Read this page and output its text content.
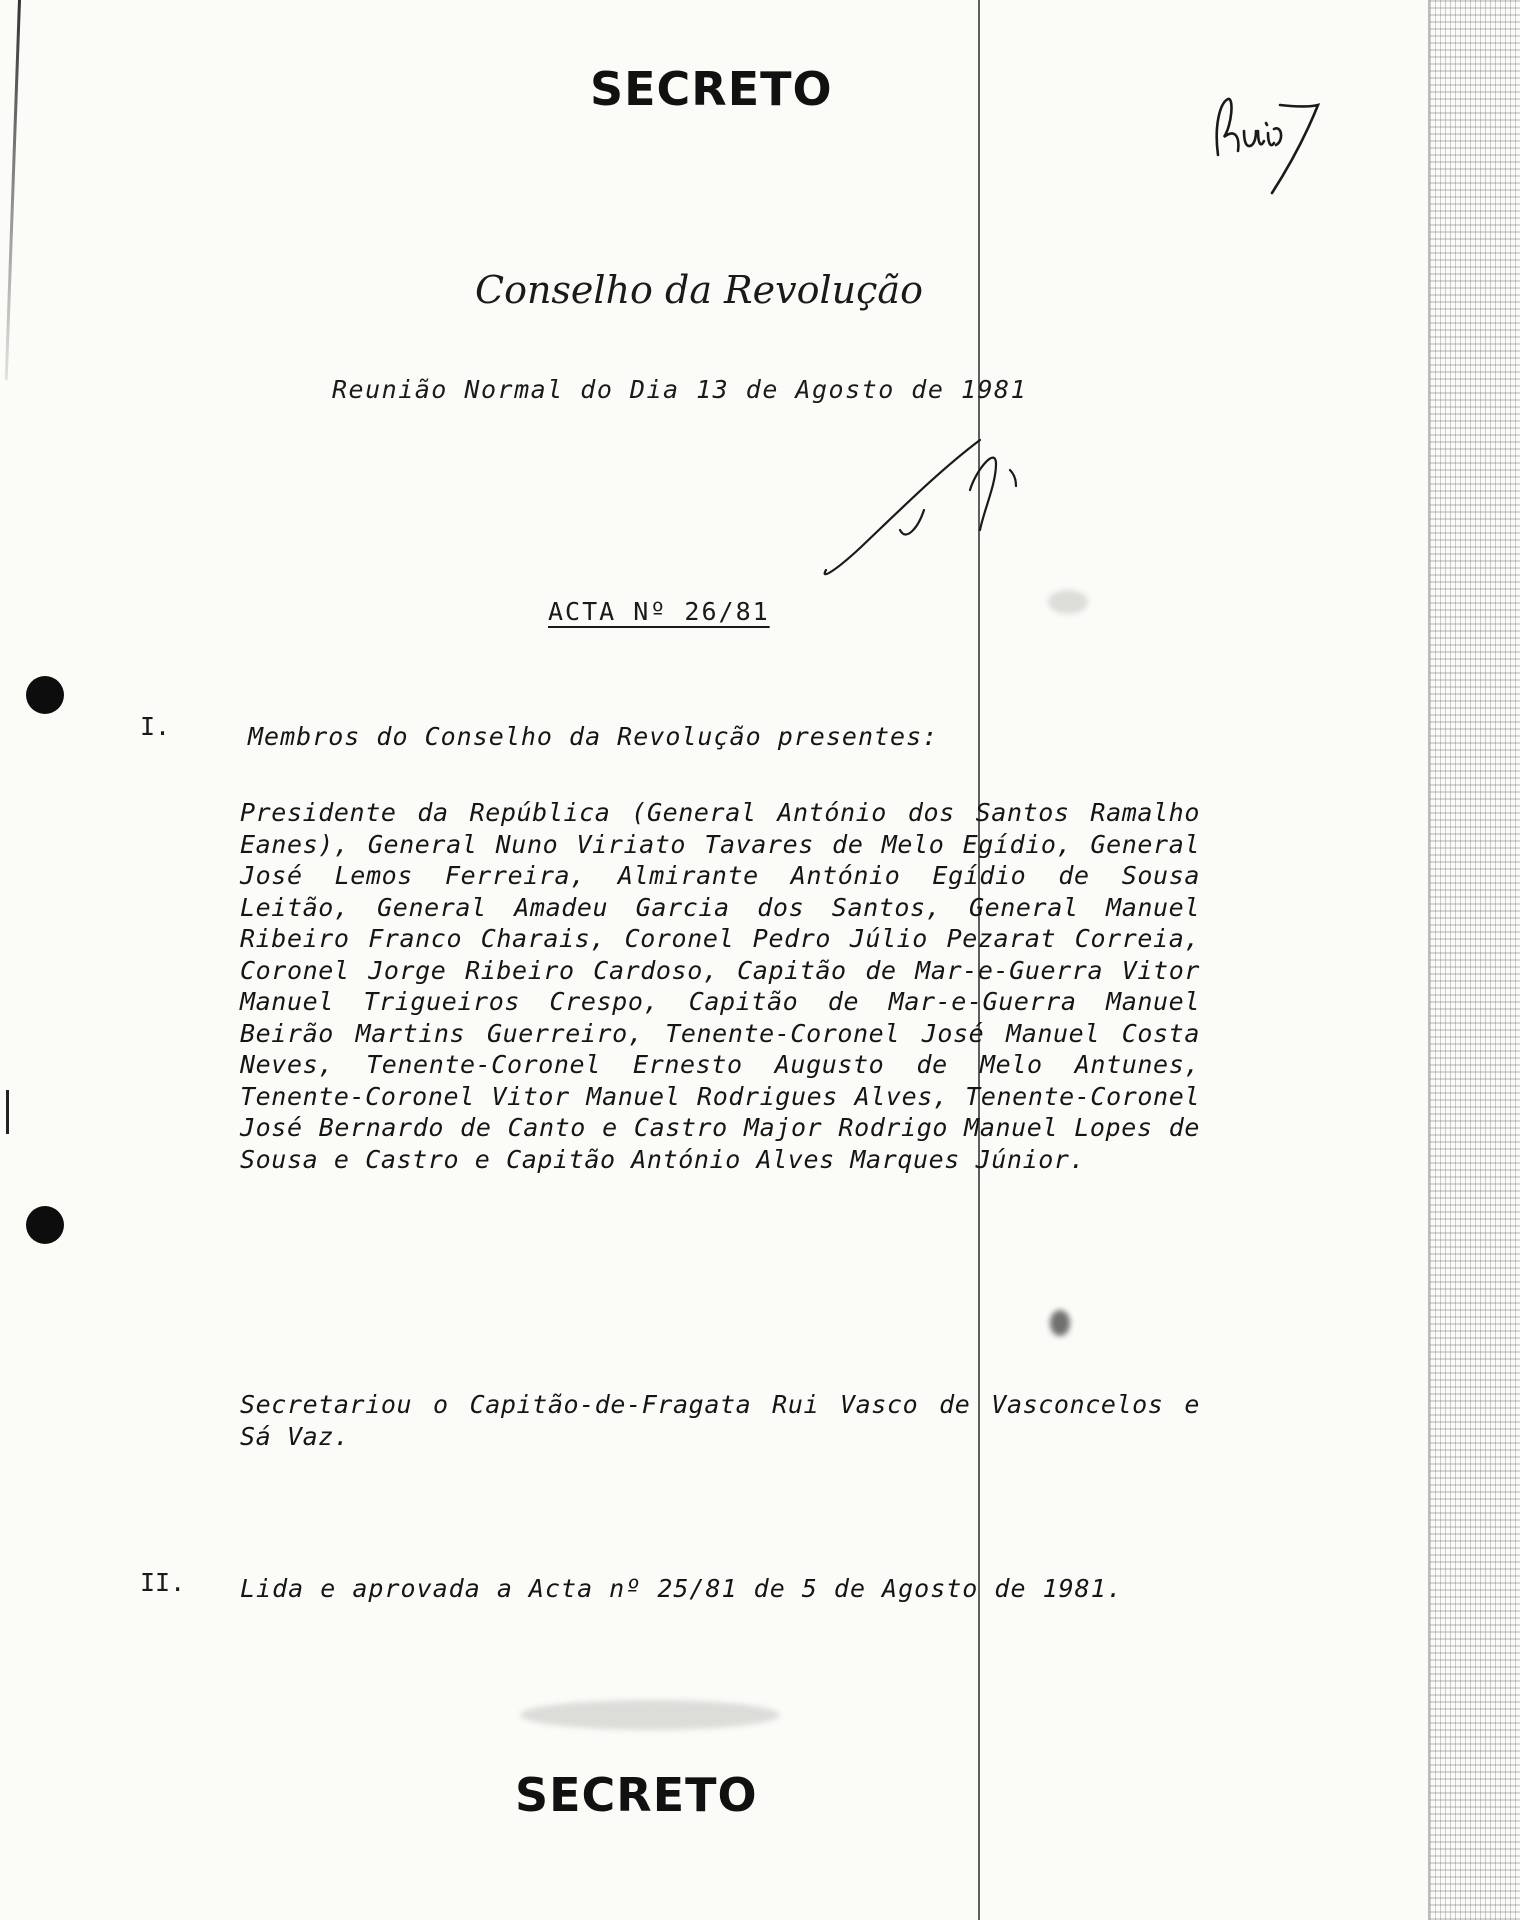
SECRETO
Conselho da Revolução
Reunião Normal do Dia 13 de Agosto de 1981
ACTA Nº 26/81
I.	Membros do Conselho da Revolução presentes:
Presidente da República (General António dos Santos Ramalho Eanes), General Nuno Viriato Tavares de Melo Egídio, General José Lemos Ferreira, Almirante António Egídio de Sousa Leitão, General Amadeu Garcia dos Santos, General Manuel Ribeiro Franco Charais, Coronel Pedro Júlio Pezarat Correia, Coronel Jorge Ribeiro Cardoso, Capitão de Mar-e-Guerra Vitor Manuel Trigueiros Crespo, Capitão de Mar-e-Guerra Manuel Beirão Martins Guerreiro, Tenente-Coronel José Manuel Costa Neves, Tenente-Coronel Ernesto Augusto de Melo Antunes, Tenente-Coronel Vitor Manuel Rodrigues Alves, Tenente-Coronel José Bernardo de Canto e Castro Major Rodrigo Manuel Lopes de Sousa e Castro e Capitão António Alves Marques Júnior.
Secretariou o Capitão-de-Fragata Rui Vasco de Vasconcelos e Sá Vaz.
II. Lida e aprovada a Acta nº 25/81 de 5 de Agosto de 1981.
SECRETO
